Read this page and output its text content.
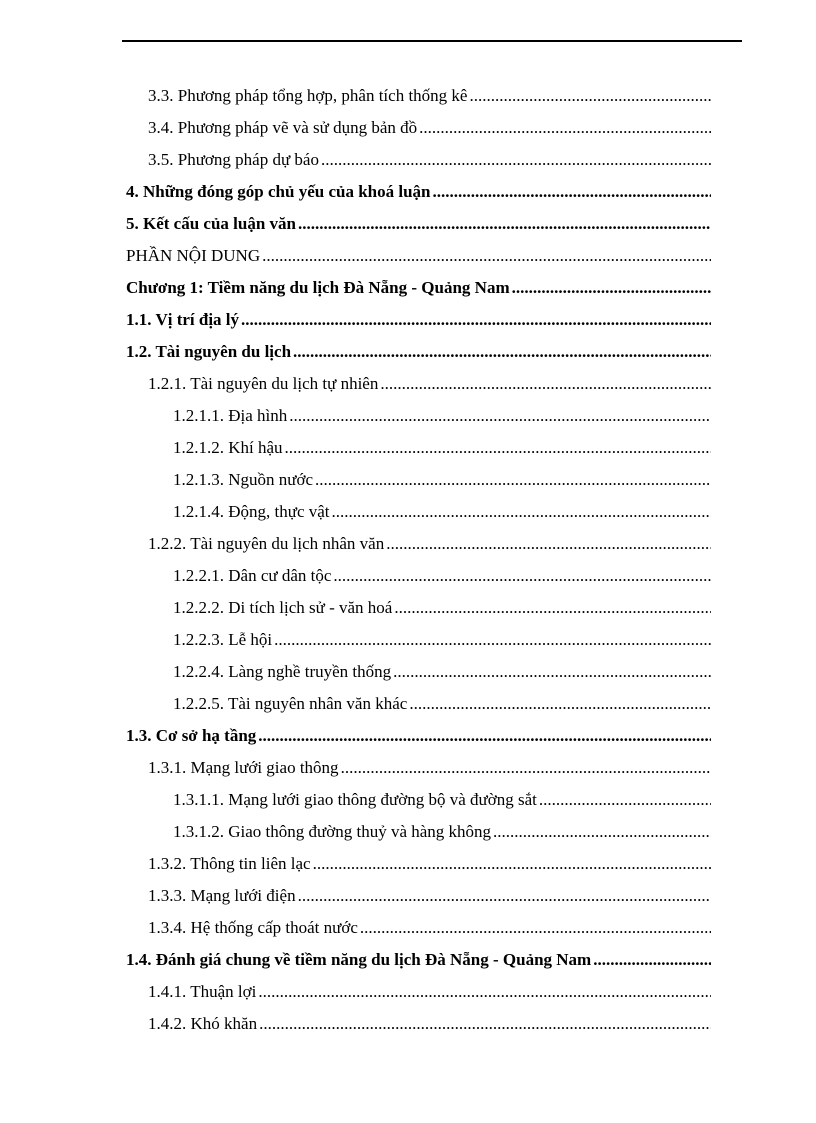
3.3. Phương pháp tổng hợp, phân tích thống kê
.....
3.4. Phương pháp vẽ và sử dụng bản đồ
.....
3.5. Phương pháp dự báo
.....
4. Những đóng góp chủ yếu của khoá luận
.....
5. Kết cấu của luận văn
.....
PHẦN NỘI DUNG
.....
Chương 1: Tiềm năng du lịch Đà Nẵng - Quảng Nam
.....
1.1. Vị trí địa lý
.....
1.2. Tài nguyên du lịch
.....
1.2.1. Tài nguyên du lịch tự nhiên
.....
1.2.1.1. Địa hình
.....
1.2.1.2. Khí hậu
.....
1.2.1.3. Nguồn nước
.....
1.2.1.4. Động, thực vật
.....
1.2.2. Tài nguyên du lịch nhân văn
.....
1.2.2.1. Dân cư dân tộc
.....
1.2.2.2. Di tích lịch sử - văn hoá
.....
1.2.2.3. Lễ hội
.....
1.2.2.4. Làng nghề truyền thống
.....
1.2.2.5. Tài nguyên nhân văn khác
.....
1.3. Cơ sở hạ tầng
.....
1.3.1. Mạng lưới giao thông
.....
1.3.1.1. Mạng lưới giao thông đường bộ và đường sắt
.....
1.3.1.2. Giao thông đường thuỷ và hàng không
.....
1.3.2. Thông tin liên lạc
.....
1.3.3. Mạng lưới điện
.....
1.3.4. Hệ thống cấp thoát nước
.....
1.4. Đánh giá chung về tiềm năng du lịch Đà Nẵng - Quảng Nam
.....
1.4.1. Thuận lợi
.....
1.4.2. Khó khăn
.....
